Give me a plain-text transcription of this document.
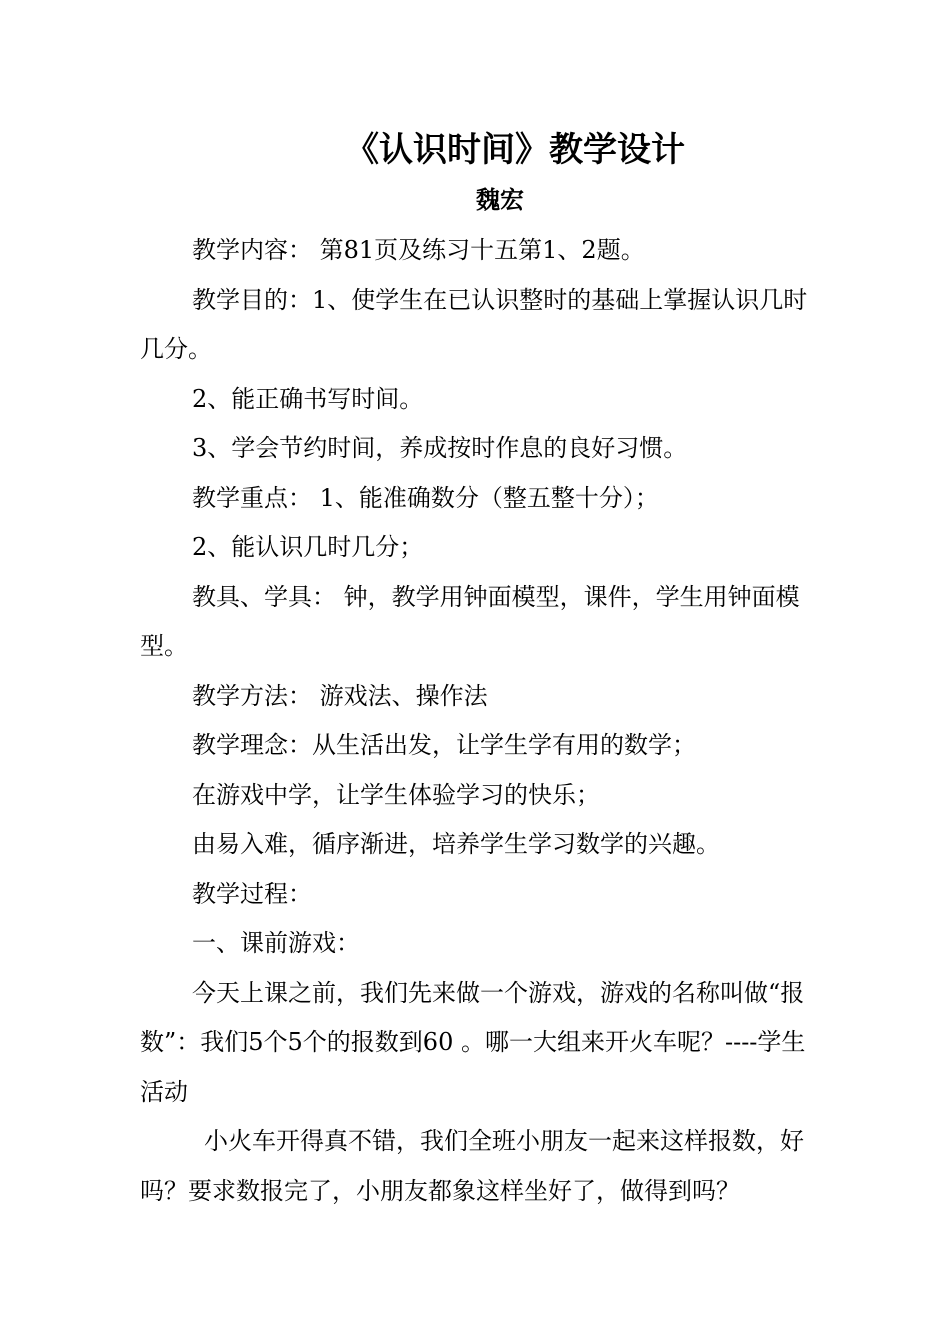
《认识时间》教学设计
魏宏

教学内容： 第81页及练习十五第1、2题。

教学目的：1、使学生在已认识整时的基础上掌握认识几时几分。

2、能正确书写时间。

3、学会节约时间，养成按时作息的良好习惯。

教学重点： 1、能准确数分（整五整十分）；

2、能认识几时几分；

教具、学具： 钟，教学用钟面模型，课件，学生用钟面模型。

教学方法： 游戏法、操作法

教学理念：从生活出发，让学生学有用的数学；

在游戏中学，让学生体验学习的快乐；

由易入难，循序渐进，培养学生学习数学的兴趣。

教学过程：

一、课前游戏：

今天上课之前，我们先来做一个游戏，游戏的名称叫做“报数”：我们5个5个的报数到60 。哪一大组来开火车呢？----学生活动

小火车开得真不错，我们全班小朋友一起来这样报数，好吗？要求数报完了，小朋友都象这样坐好了，做得到吗？
